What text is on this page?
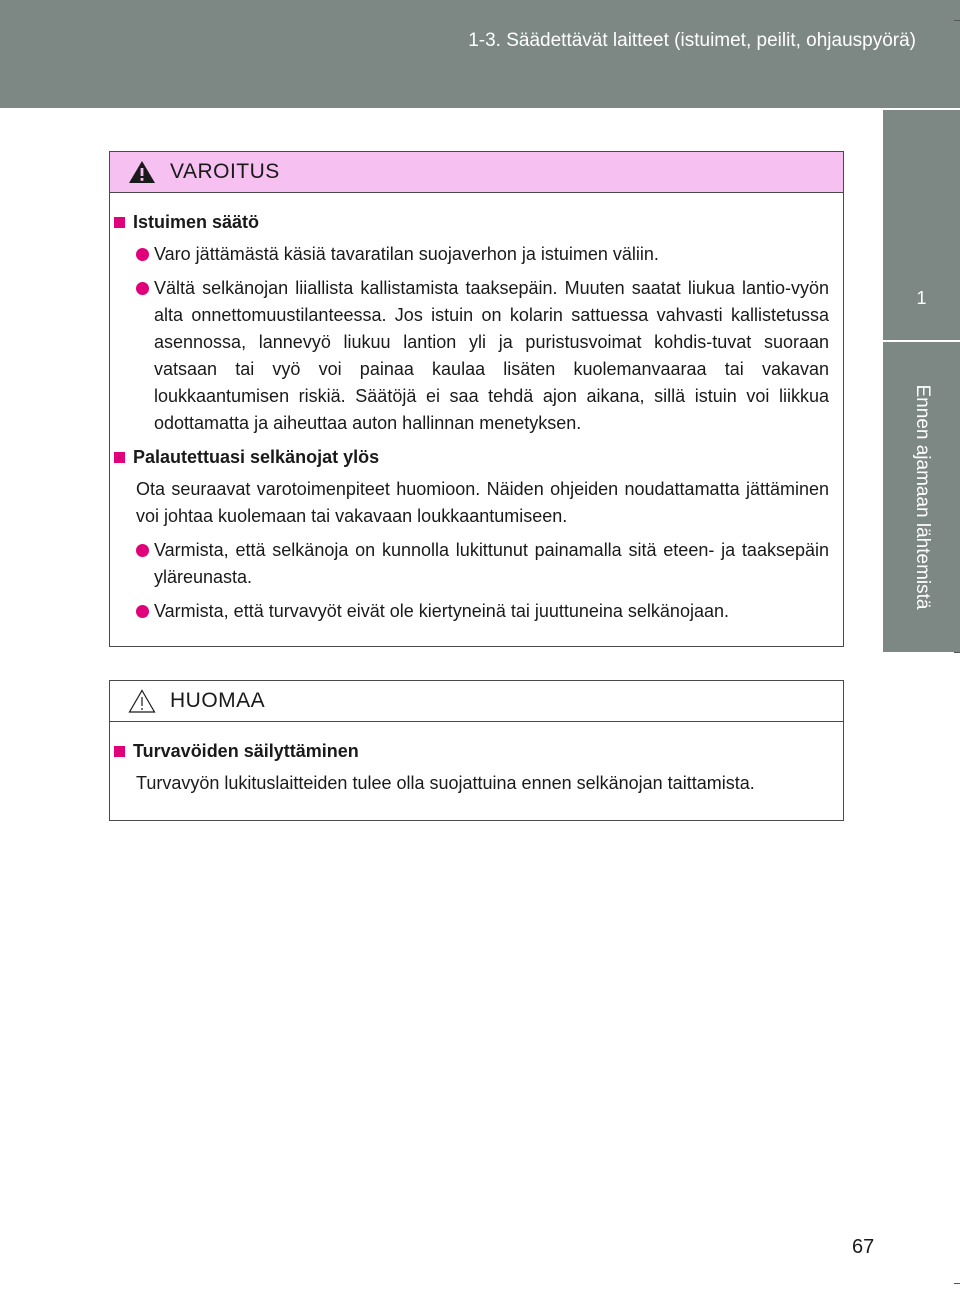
1-3. Säädettävät laitteet (istuimet, peilit, ohjauspyörä)
1
Ennen ajamaan lähtemistä
VAROITUS
Istuimen säätö
Varo jättämästä käsiä tavaratilan suojaverhon ja istuimen väliin.
Vältä selkänojan liiallista kallistamista taaksepäin. Muuten saatat liukua lantio-vyön alta onnettomuustilanteessa. Jos istuin on kolarin sattuessa vahvasti kallistetussa asennossa, lannevyö liukuu lantion yli ja puristusvoimat kohdis-tuvat suoraan vatsaan tai vyö voi painaa kaulaa lisäten kuolemanvaaraa tai vakavan loukkaantumisen riskiä. Säätöjä ei saa tehdä ajon aikana, sillä istuin voi liikkua odottamatta ja aiheuttaa auton hallinnan menetyksen.
Palautettuasi selkänojat ylös
Ota seuraavat varotoimenpiteet huomioon. Näiden ohjeiden noudattamatta jättäminen voi johtaa kuolemaan tai vakavaan loukkaantumiseen.
Varmista, että selkänoja on kunnolla lukittunut painamalla sitä eteen- ja taaksepäin yläreunasta.
Varmista, että turvavyöt eivät ole kiertyneinä tai juuttuneina selkänojaan.
HUOMAA
Turvavöiden säilyttäminen
Turvavyön lukituslaitteiden tulee olla suojattuina ennen selkänojan taittamista.
67
